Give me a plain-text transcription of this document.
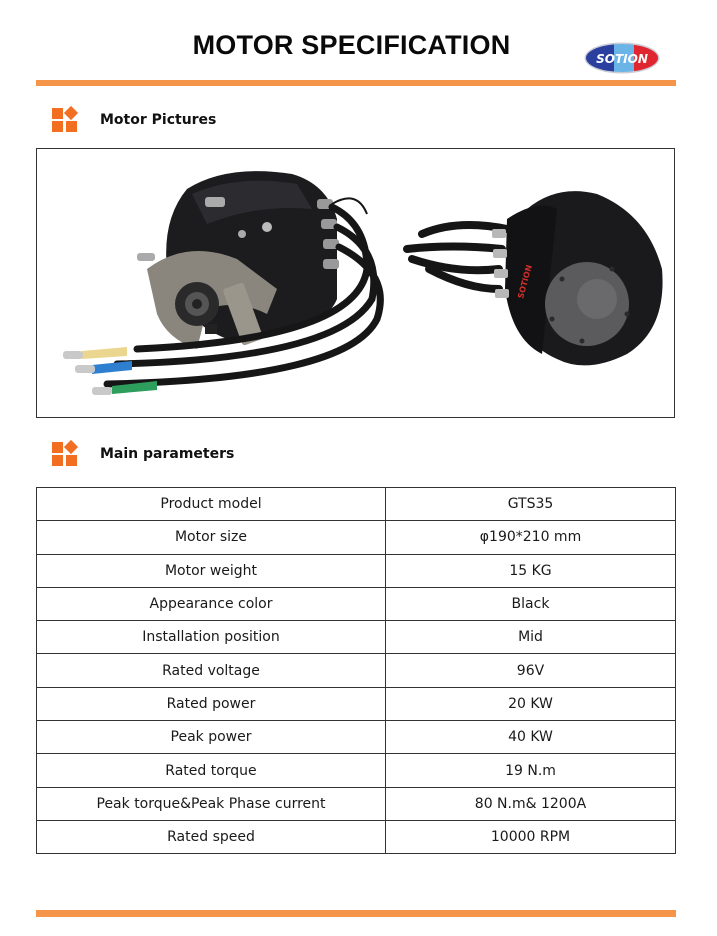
MOTOR SPECIFICATION	SOTION
Motor Pictures
SOTION
Main parameters
Product model	GTS35
Motor size	φ190*210 mm
Motor weight	15 KG
Appearance color	Black
Installation position	Mid
Rated voltage	96V
Rated power	20 KW
Peak power	40 KW
Rated torque	19 N.m
Peak torque&Peak Phase current	80 N.m& 1200A
Rated speed	10000 RPM
